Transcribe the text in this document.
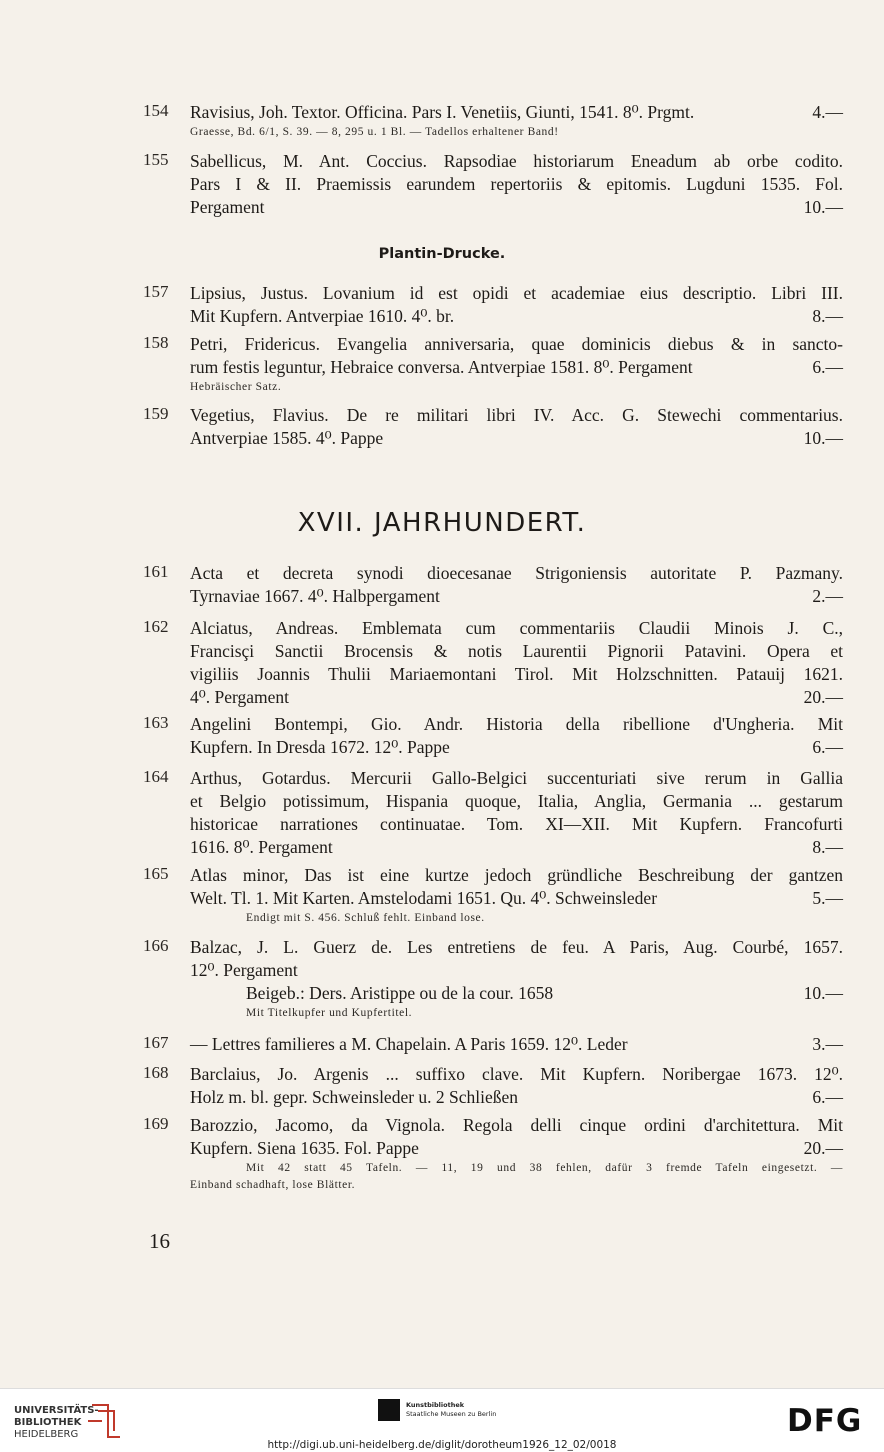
154	Ravisius, Joh. Textor. Officina. Pars I. Venetiis, Giunti, 1541. 8⁰. Prgmt.	4.—
Graesse, Bd. 6/1, S. 39. — 8, 295 u. 1 Bl. — Tadellos erhaltener Band!
155	Sabellicus, M. Ant. Coccius. Rapsodiae historiarum Eneadum ab orbe codito.
Pars I & II. Praemissis earundem repertoriis & epitomis. Lugduni 1535. Fol.
Pergament	10.—
Plantin-Drucke.
157	Lipsius, Justus. Lovanium id est opidi et academiae eius descriptio. Libri III.
Mit Kupfern. Antverpiae 1610. 4⁰. br.	8.—
158	Petri, Fridericus. Evangelia anniversaria, quae dominicis diebus & in sancto-
rum festis leguntur, Hebraice conversa. Antverpiae 1581. 8⁰. Pergament	6.—
Hebräischer Satz.
159	Vegetius, Flavius. De re militari libri IV. Acc. G. Stewechi commentarius.
Antverpiae 1585. 4⁰. Pappe	10.—
XVII. JAHRHUNDERT.
161	Acta et decreta synodi dioecesanae Strigoniensis autoritate P. Pazmany.
Tyrnaviae 1667. 4⁰. Halbpergament	2.—
162	Alciatus, Andreas. Emblemata cum commentariis Claudii Minois J. C.,
Francisçi Sanctii Brocensis & notis Laurentii Pignorii Patavini. Opera et
vigiliis Joannis Thulii Mariaemontani Tirol. Mit Holzschnitten. Patauij 1621.
4⁰. Pergament	20.—
163	Angelini Bontempi, Gio. Andr. Historia della ribellione d'Ungheria. Mit
Kupfern. In Dresda 1672. 12⁰. Pappe	6.—
164	Arthus, Gotardus. Mercurii Gallo-Belgici succenturiati sive rerum in Gallia
et Belgio potissimum, Hispania quoque, Italia, Anglia, Germania ... gestarum
historicae narrationes continuatae. Tom. XI—XII. Mit Kupfern. Francofurti
1616. 8⁰. Pergament	8.—
165	Atlas minor, Das ist eine kurtze jedoch gründliche Beschreibung der gantzen
Welt. Tl. 1. Mit Karten. Amstelodami 1651. Qu. 4⁰. Schweinsleder	5.—
Endigt mit S. 456. Schluß fehlt. Einband lose.
166	Balzac, J. L. Guerz de. Les entretiens de feu. A Paris, Aug. Courbé, 1657.
12⁰. Pergament
Beigeb.: Ders. Aristippe ou de la cour. 1658	10.—
Mit Titelkupfer und Kupfertitel.
167	— Lettres familieres a M. Chapelain. A Paris 1659. 12⁰. Leder	3.—
168	Barclaius, Jo. Argenis ... suffixo clave. Mit Kupfern. Noribergae 1673. 12⁰.
Holz m. bl. gepr. Schweinsleder u. 2 Schließen	6.—
169	Barozzio, Jacomo, da Vignola. Regola delli cinque ordini d'architettura. Mit
Kupfern. Siena 1635. Fol. Pappe	20.—
Mit 42 statt 45 Tafeln. — 11, 19 und 38 fehlen, dafür 3 fremde Tafeln eingesetzt. —
Einband schadhaft, lose Blätter.
16
UNIVERSITÄTS-
BIBLIOTHEK
HEIDELBERG
Kunstbibliothek
Staatliche Museen zu Berlin	DFG
http://digi.ub.uni-heidelberg.de/diglit/dorotheum1926_12_02/0018
